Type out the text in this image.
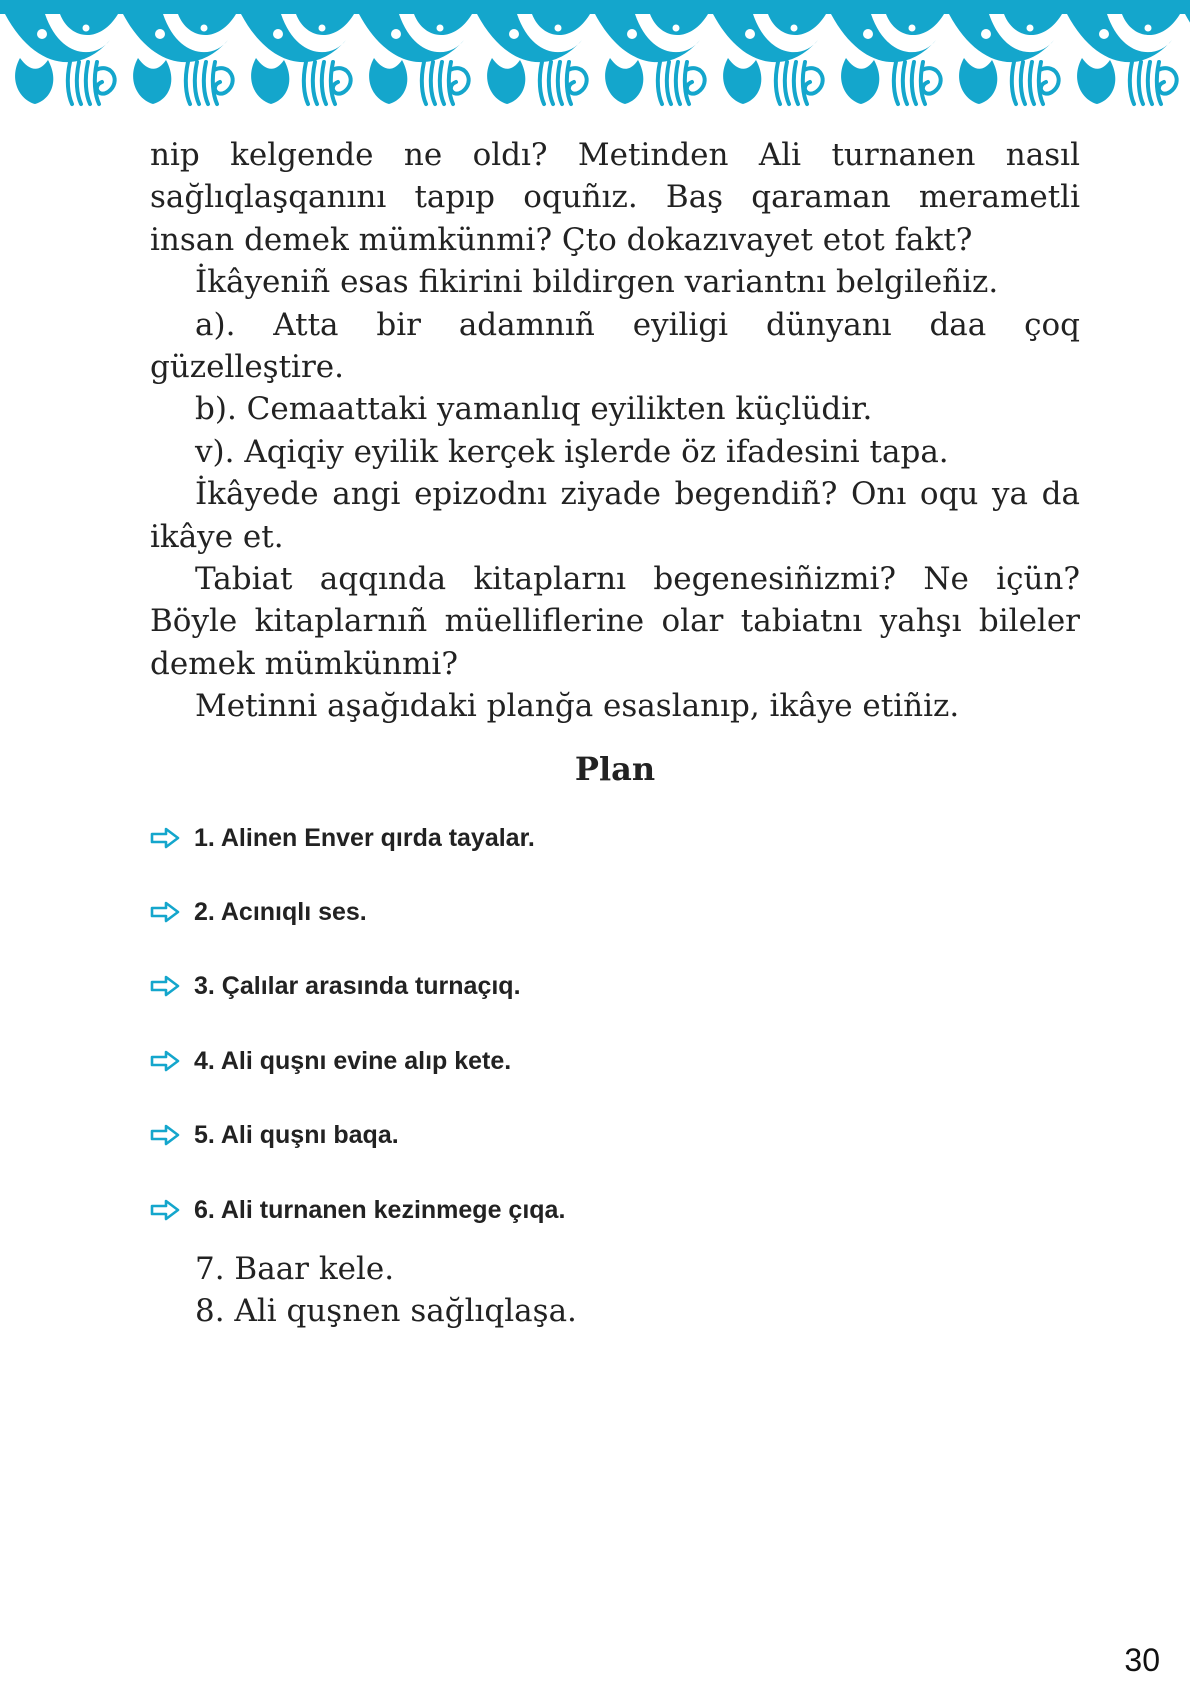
nip kelgende ne oldı? Metinden Ali turnanen nasıl sağlıqlaşqanını tapıp oquñız. Baş qaraman merametli insan demek mümkünmi? Çto dokazıvayet etot fakt?

İkâyeniñ esas fikirini bildirgen variantnı belgileñiz.

a). Atta bir adamnıñ eyiligi dünyanı daa çoq güzelleştire.

b). Cemaattaki yamanlıq eyilikten küçlüdir.

v). Aqiqiy eyilik kerçek işlerde öz ifadesini tapa.

İkâyede angi epizodnı ziyade begendiñ? Onı oqu ya da ikâye et.

Tabiat aqqında kitaplarnı begenesiñizmi? Ne içün? Böyle kitaplarnıñ müelliflerine olar tabiatnı yahşı bileler demek mümkünmi?

Metinni aşağıdaki planğa esaslanıp, ikâye etiñiz.

Plan
1. Alinen Enver qırda tayalar.
2. Acınıqlı ses.
3. Çalılar arasında turnaçıq.
4. Ali quşnı evine alıp kete.
5. Ali quşnı baqa.
6. Ali turnanen kezinmege çıqa.
7. Baar kele.
8. Ali quşnen sağlıqlaşa.
30
